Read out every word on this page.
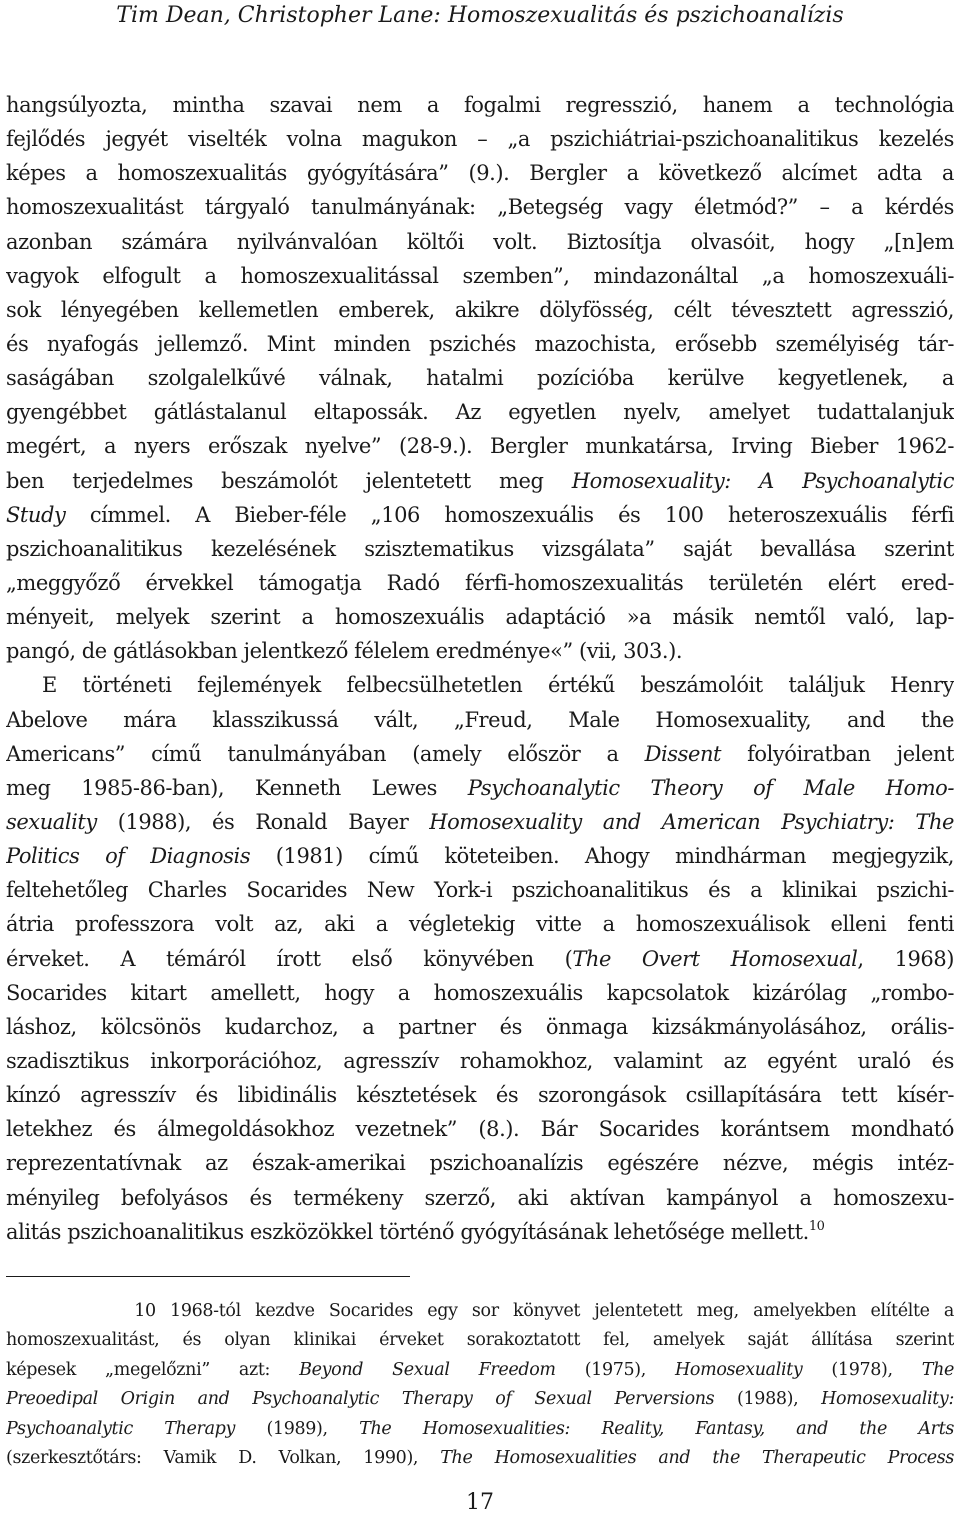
Tim Dean, Christopher Lane: Homoszexualitás és pszichoanalízis
hangsúlyozta, mintha szavai nem a fogalmi regresszió, hanem a technológia
fejlődés jegyét viselték volna magukon – „a pszichiátriai-pszichoanalitikus kezelés
képes a homoszexualitás gyógyítására” (9.). Bergler a következő alcímet adta a
homoszexualitást tárgyaló tanulmányának: „Betegség vagy életmód?” – a kérdés
azonban számára nyilvánvalóan költői volt. Biztosítja olvasóit, hogy „[n]em
vagyok elfogult a homoszexualitással szemben”, mindazonáltal „a homoszexuáli-
sok lényegében kellemetlen emberek, akikre dölyfösség, célt tévesztett agresszió,
és nyafogás jellemző. Mint minden pszichés mazochista, erősebb személyiség tár-
saságában szolgalelkűvé válnak, hatalmi pozícióba kerülve kegyetlenek, a
gyengébbet gátlástalanul eltapossák. Az egyetlen nyelv, amelyet tudattalanjuk
megért, a nyers erőszak nyelve” (28-9.). Bergler munkatársa, Irving Bieber 1962-
ben terjedelmes beszámolót jelentetett meg Homosexuality: A Psychoanalytic
Study címmel. A Bieber-féle „106 homoszexuális és 100 heteroszexuális férfi
pszichoanalitikus kezelésének szisztematikus vizsgálata” saját bevallása szerint
„meggyőző érvekkel támogatja Radó férfi-homoszexualitás területén elért ered-
ményeit, melyek szerint a homoszexuális adaptáció »a másik nemtől való, lap-
pangó, de gátlásokban jelentkező félelem eredménye«” (vii, 303.).
E történeti fejlemények felbecsülhetetlen értékű beszámolóit találjuk Henry
Abelove mára klasszikussá vált, „Freud, Male Homosexuality, and the
Americans” című tanulmányában (amely először a Dissent folyóiratban jelent
meg 1985-86-ban), Kenneth Lewes Psychoanalytic Theory of Male Homo-
sexuality (1988), és Ronald Bayer Homosexuality and American Psychiatry: The
Politics of Diagnosis (1981) című köteteiben. Ahogy mindhárman megjegyzik,
feltehetőleg Charles Socarides New York-i pszichoanalitikus és a klinikai pszichi-
átria professzora volt az, aki a végletekig vitte a homoszexuálisok elleni fenti
érveket. A témáról írott első könyvében (The Overt Homosexual, 1968)
Socarides kitart amellett, hogy a homoszexuális kapcsolatok kizárólag „rombo-
láshoz, kölcsönös kudarchoz, a partner és önmaga kizsákmányolásához, orális-
szadisztikus inkorporációhoz, agresszív rohamokhoz, valamint az egyént uraló és
kínzó agresszív és libidinális késztetések és szorongások csillapítására tett kísér-
letekhez és álmegoldásokhoz vezetnek” (8.). Bár Socarides korántsem mondható
reprezentatívnak az észak-amerikai pszichoanalízis egészére nézve, mégis intéz-
ményileg befolyásos és termékeny szerző, aki aktívan kampányol a homoszexu-
alitás pszichoanalitikus eszközökkel történő gyógyításának lehetősége mellett.$^{10}$
10 1968-tól kezdve Socarides egy sor könyvet jelentetett meg, amelyekben elítélte a
homoszexualitást, és olyan klinikai érveket sorakoztatott fel, amelyek saját állítása szerint
képesek „megelőzni” azt: Beyond Sexual Freedom (1975), Homosexuality (1978), The
Preoedipal Origin and Psychoanalytic Therapy of Sexual Perversions (1988), Homosexuality:
Psychoanalytic Therapy (1989), The Homosexualities: Reality, Fantasy, and the Arts
(szerkesztőtárs: Vamik D. Volkan, 1990), The Homosexualities and the Therapeutic Process
17
